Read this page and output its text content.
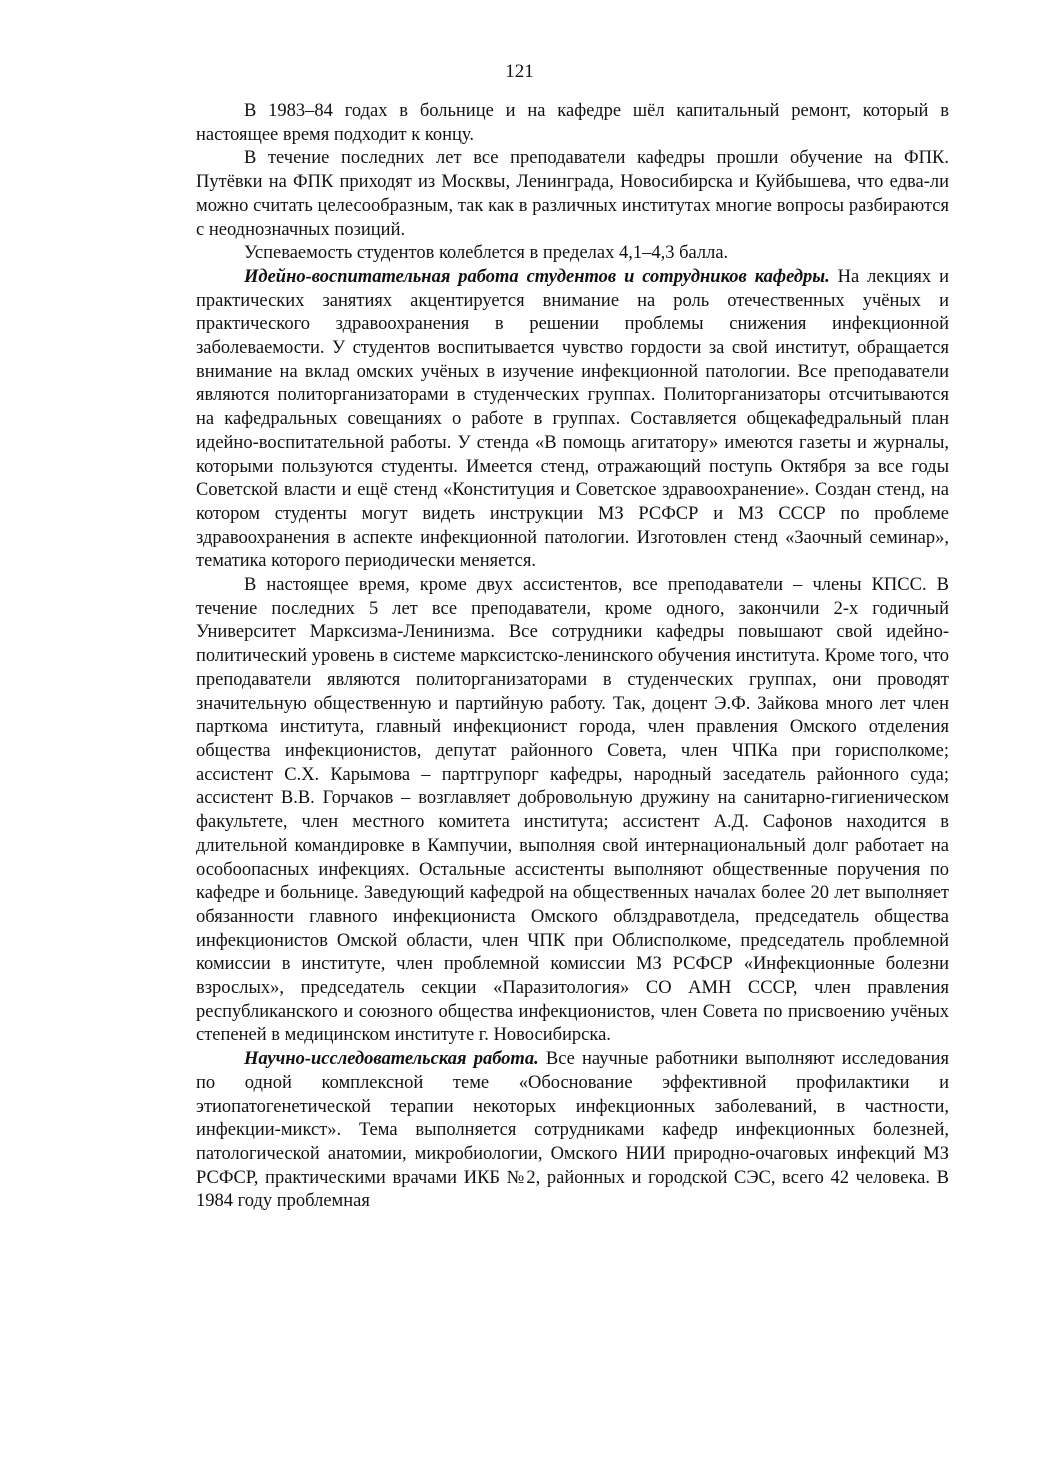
121

В 1983–84 годах в больнице и на кафедре шёл капитальный ремонт, который в настоящее время подходит к концу.

В течение последних лет все преподаватели кафедры прошли обучение на ФПК. Путёвки на ФПК приходят из Москвы, Ленинграда, Новосибирска и Куйбышева, что едва-ли можно считать целесообразным, так как в различных институтах многие вопросы разбираются с неоднозначных позиций.

Успеваемость студентов колеблется в пределах 4,1–4,3 балла.

Идейно-воспитательная работа студентов и сотрудников кафедры. На лекциях и практических занятиях акцентируется внимание на роль отечественных учёных и практического здравоохранения в решении проблемы снижения инфекционной заболеваемости. У студентов воспитывается чувство гордости за свой институт, обращается внимание на вклад омских учёных в изучение инфекционной патологии. Все преподаватели являются политорганизаторами в студенческих группах. Политорганизаторы отсчитываются на кафедральных совещаниях о работе в группах. Составляется общекафедральный план идейно-воспитательной работы. У стенда «В помощь агитатору» имеются газеты и журналы, которыми пользуются студенты. Имеется стенд, отражающий поступь Октября за все годы Советской власти и ещё стенд «Конституция и Советское здравоохранение». Создан стенд, на котором студенты могут видеть инструкции МЗ РСФСР и МЗ СССР по проблеме здравоохранения в аспекте инфекционной патологии. Изготовлен стенд «Заочный семинар», тематика которого периодически меняется.

В настоящее время, кроме двух ассистентов, все преподаватели – члены КПСС. В течение последних 5 лет все преподаватели, кроме одного, закончили 2-х годичный Университет Марксизма-Ленинизма. Все сотрудники кафедры повышают свой идейно-политический уровень в системе марксистско-ленинского обучения института. Кроме того, что преподаватели являются политорганизаторами в студенческих группах, они проводят значительную общественную и партийную работу. Так, доцент Э.Ф. Зайкова много лет член парткома института, главный инфекционист города, член правления Омского отделения общества инфекционистов, депутат районного Совета, член ЧПКа при горисполкоме; ассистент С.Х. Карымова – партгрупорг кафедры, народный заседатель районного суда; ассистент В.В. Горчаков – возглавляет добровольную дружину на санитарно-гигиеническом факультете, член местного комитета института; ассистент А.Д. Сафонов находится в длительной командировке в Кампучии, выполняя свой интернациональный долг работает на особоопасных инфекциях. Остальные ассистенты выполняют общественные поручения по кафедре и больнице. Заведующий кафедрой на общественных началах более 20 лет выполняет обязанности главного инфекциониста Омского облздравотдела, председатель общества инфекционистов Омской области, член ЧПК при Облисполкоме, председатель проблемной комиссии в институте, член проблемной комиссии МЗ РСФСР «Инфекционные болезни взрослых», председатель секции «Паразитология» СО АМН СССР, член правления республиканского и союзного общества инфекционистов, член Совета по присвоению учёных степеней в медицинском институте г. Новосибирска.

Научно-исследовательская работа. Все научные работники выполняют исследования по одной комплексной теме «Обоснование эффективной профилактики и этиопатогенетической терапии некоторых инфекционных заболеваний, в частности, инфекции-микст». Тема выполняется сотрудниками кафедр инфекционных болезней, патологической анатомии, микробиологии, Омского НИИ природно-очаговых инфекций МЗ РСФСР, практическими врачами ИКБ №2, районных и городской СЭС, всего 42 человека. В 1984 году проблемная
